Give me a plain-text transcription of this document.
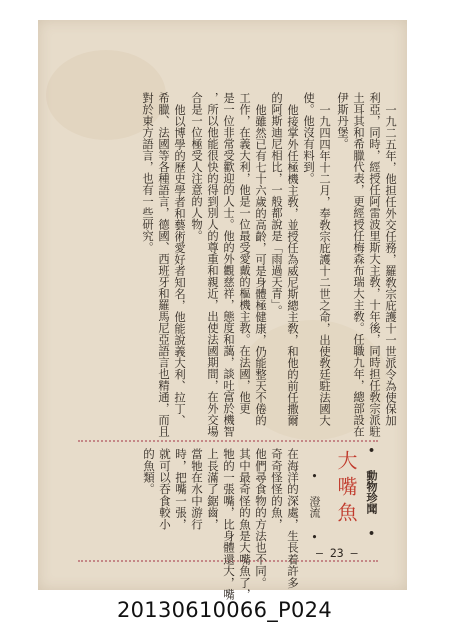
一九二五年，他担任外交任務，羅敎宗庇護十一世派令為使保加
利亞，同時，經授任阿雷波里斯大主敎，十年後，同時担任敎宗派駐
土耳其和希臘代表，更經授任梅森布瑞大主敎。任職九年，總部設在
伊斯丹堡。
一九四四年十二月，奉敎宗庇護十二世之命，出使敎廷駐法國大
使。他沒有料到。
他接掌外任極機主敎，並授任為威尼斯總主敎，和他的前任撒爾
的阿斯迪尼相比，一般都說是「雨過天青」。
他雖然已有七十六歲的高齡，可是身體極健康，仍能整天不倦的
工作，在義大利，他是一位最受愛戴的樞機主教。在法國，他更
是一位非常受歡迎的人士。他的外觀慈祥，態度和藹，談吐富於機智
，所以他能很快的得到別人的尊重和親近，出使法國期間，在外交場
合是一位極受人注意的人物。
他以博學的歷史學者和藝術愛好者知名，他能說義大利、拉丁、
希臘、法國等各種語言，德國、西班牙和羅馬尼亞語言也精通，而且
對於東方語言，也有一些研究。
• 動物珍聞 •
大嘴魚
• 澄流 •
在海洋的深處，生長着許多
奇奇怪怪的魚，
他們尋食物的方法也不同。
其中最奇怪的魚是大嘴魚了，
牠的一張嘴，比身體還大，嘴
上長滿了鋸齒，
當牠在水中游行
時，把嘴一張，
就可以吞食較小
的魚類。
— 23 —
20130610066_P024
